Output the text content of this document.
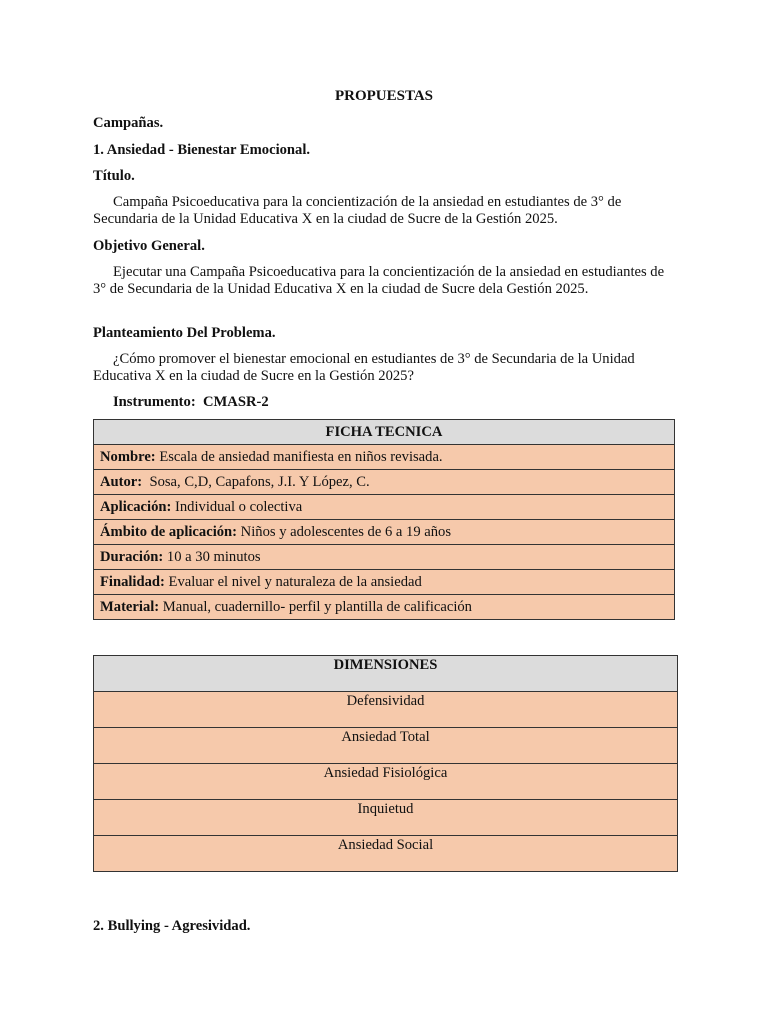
PROPUESTAS
Campañas.
1. Ansiedad - Bienestar Emocional.
Título.
Campaña Psicoeducativa para la concientización de la ansiedad en estudiantes de 3° de Secundaria de la Unidad Educativa X en la ciudad de Sucre de la Gestión 2025.
Objetivo General.
Ejecutar una Campaña Psicoeducativa para la concientización de la ansiedad en estudiantes de 3° de Secundaria de la Unidad Educativa X en la ciudad de Sucre dela Gestión 2025.
Planteamiento Del Problema.
¿Cómo promover el bienestar emocional en estudiantes de 3° de Secundaria de la Unidad Educativa X en la ciudad de Sucre en la Gestión 2025?
Instrumento:  CMASR-2
FICHA TECNICA
Nombre: Escala de ansiedad manifiesta en niños revisada.
Autor:  Sosa, C,D, Capafons, J.I. Y López, C.
Aplicación: Individual o colectiva
Ámbito de aplicación: Niños y adolescentes de 6 a 19 años
Duración: 10 a 30 minutos
Finalidad: Evaluar el nivel y naturaleza de la ansiedad
Material: Manual, cuadernillo- perfil y plantilla de calificación
DIMENSIONES
Defensividad
Ansiedad Total
Ansiedad Fisiológica
Inquietud
Ansiedad Social
2. Bullying - Agresividad.
